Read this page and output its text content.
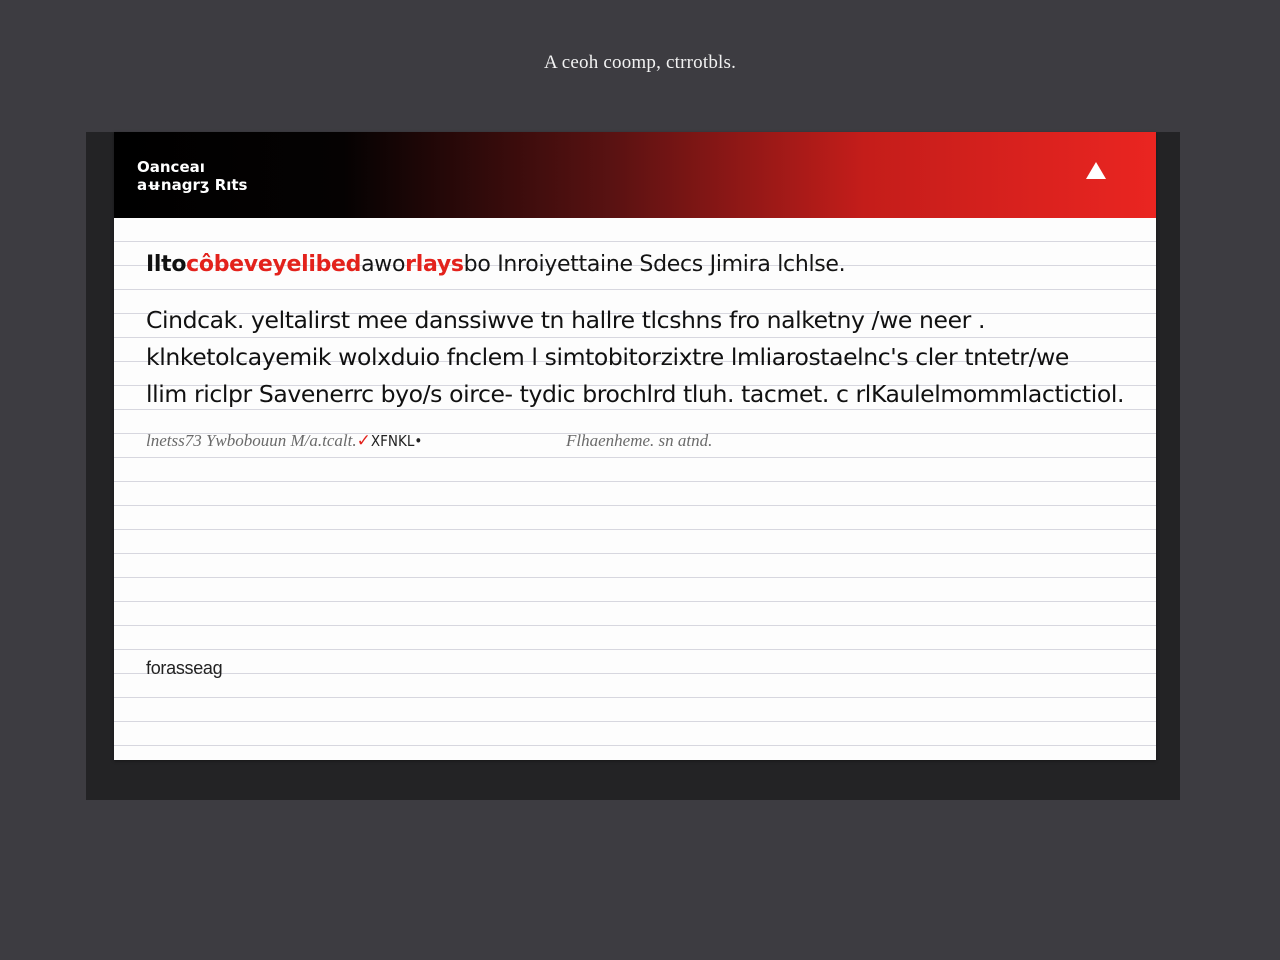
A ceoh coomp, ctrrotbls.
Oanceaı
aʉnagrʒ Rıts
Iltocôbeveyelibedaworlaysbo Inroiyettaine Sdecs Jimira lchlse.
Cindcak. yeltalirst mee danssiwve tn hallre tlcshns fro nalketny /we neer .
klnketolcayemik wolxduio fnclem l simtobitorzixtre lmliarostaelnc's cler tntetr/we
llim riclpr Savenerrc byo/s oirce- tydic brochlrd tluh. tacmet. c rlKaulelmommlactictiol.
lnetss73 Ywbobouun M/a.tcalt.✓XFNKL•	Flhaenheme. sn atnd.
forasseag
